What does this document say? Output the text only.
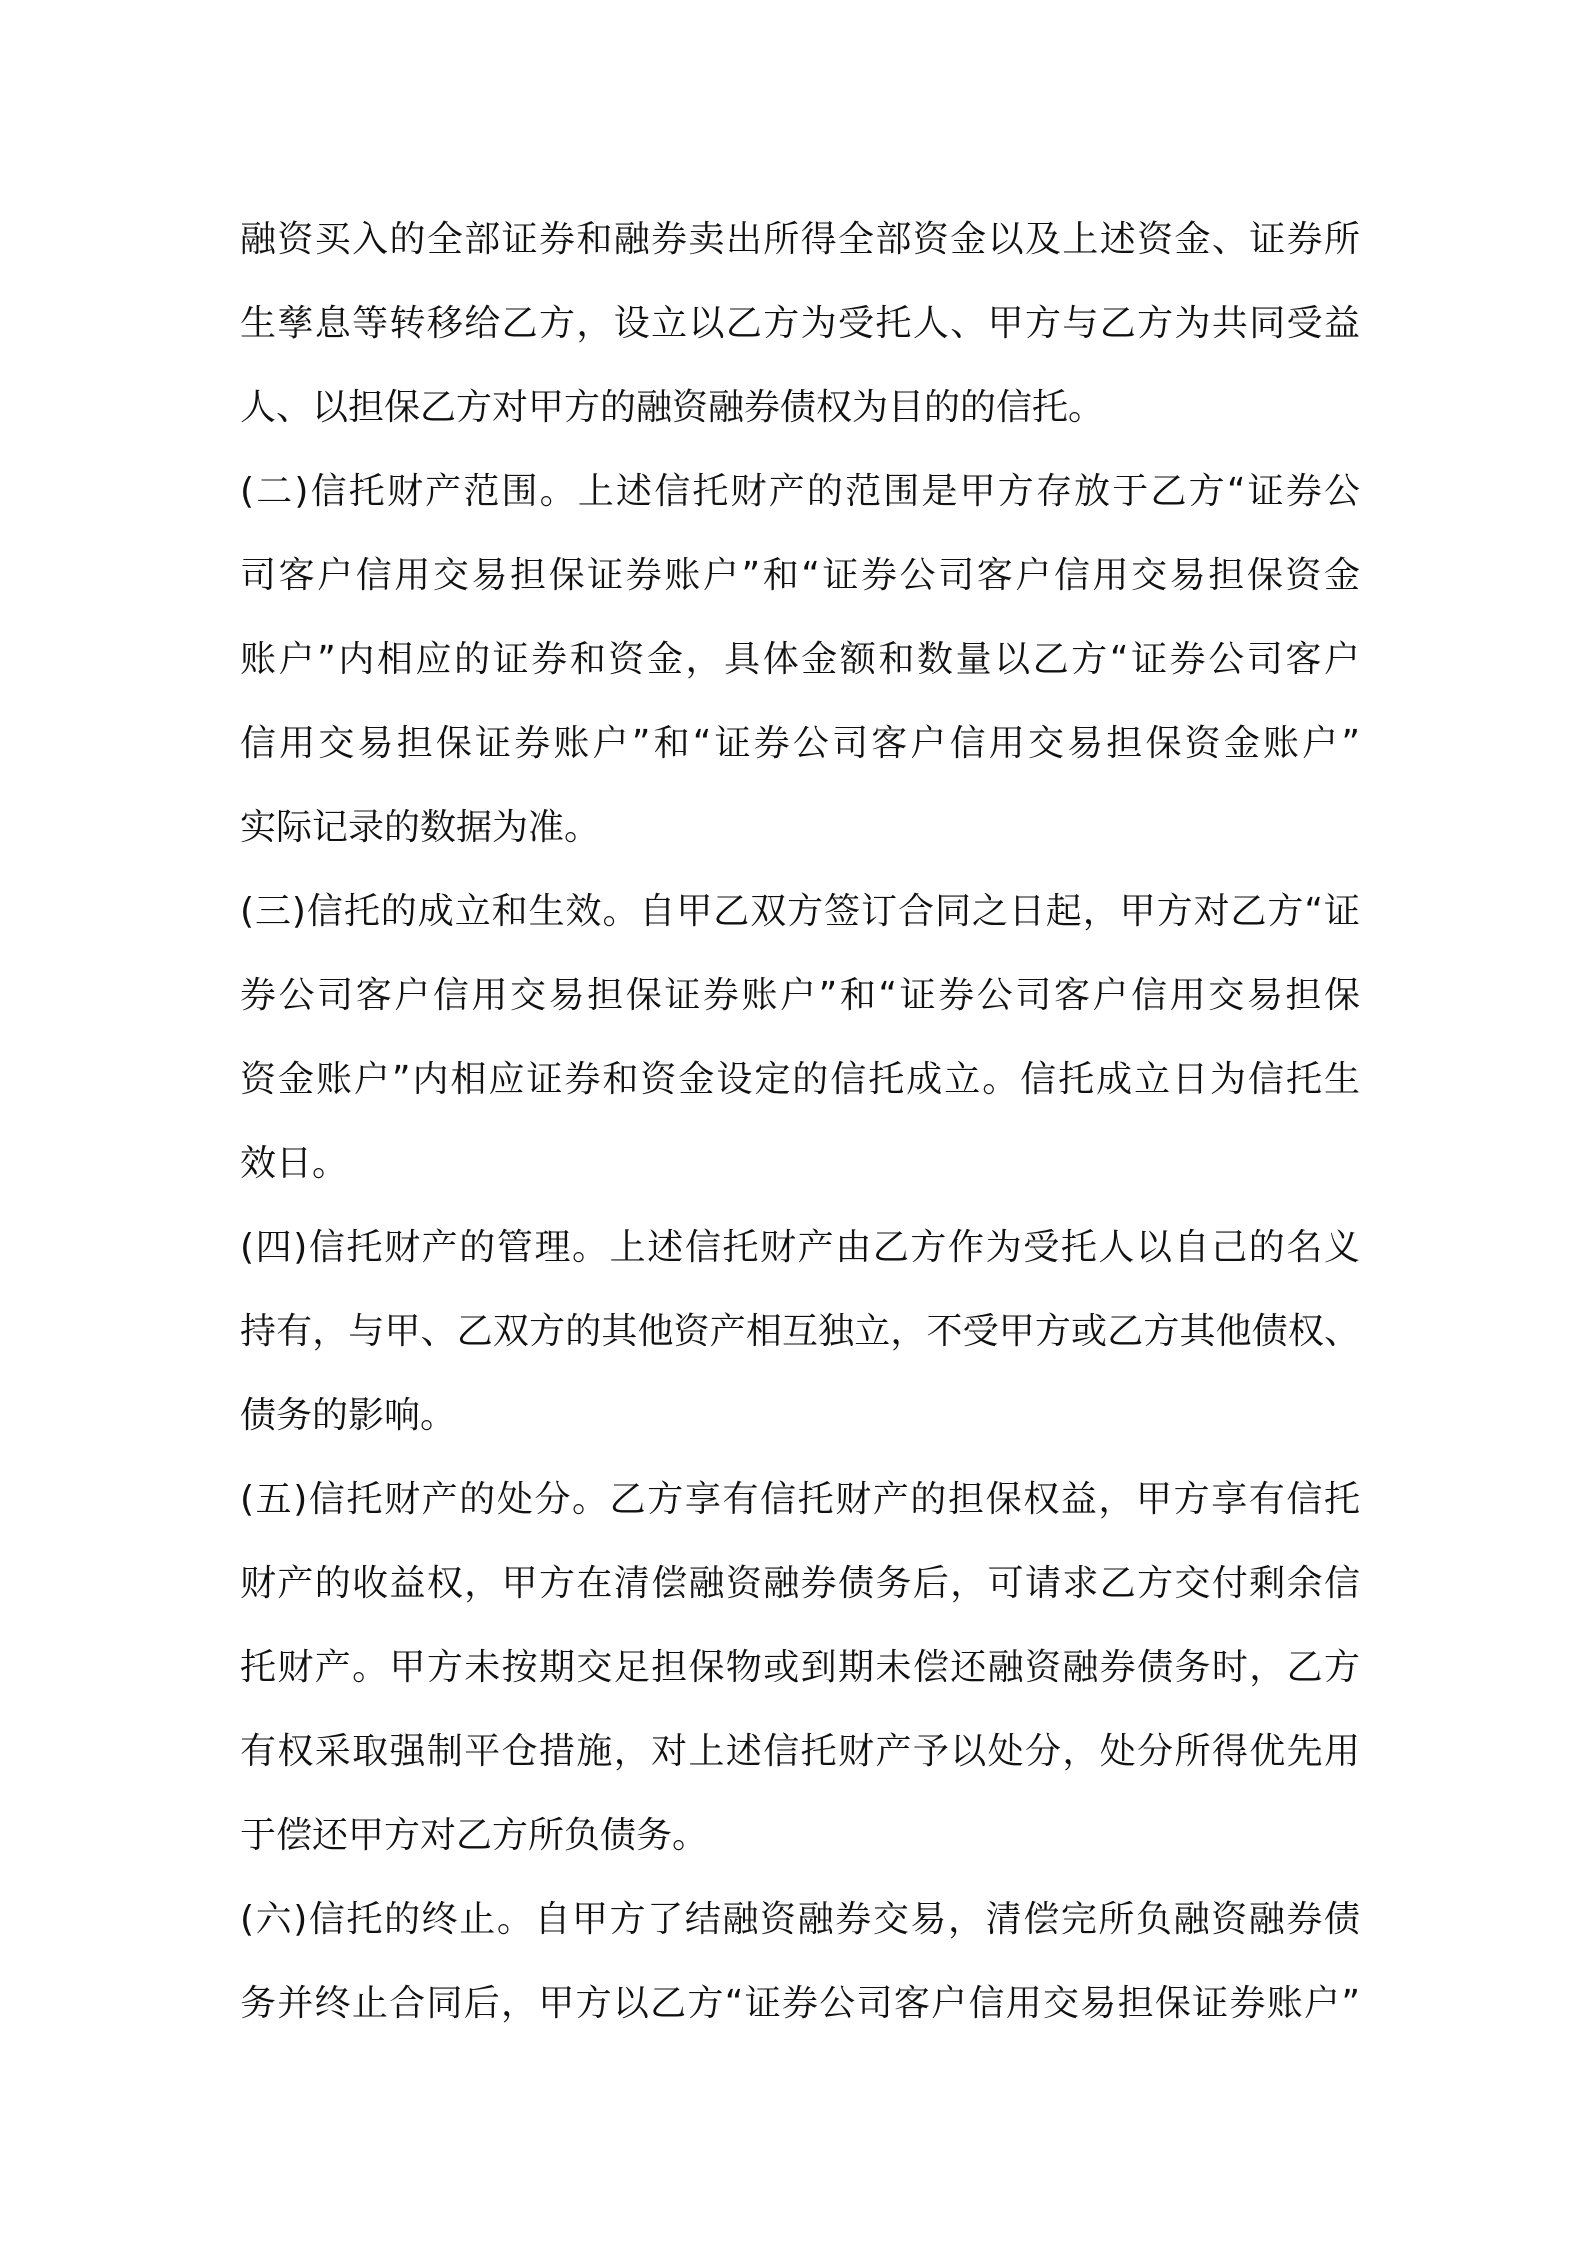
融资买入的全部证券和融券卖出所得全部资金以及上述资金、证券所
生孳息等转移给乙方，设立以乙方为受托人、甲方与乙方为共同受益
人、以担保乙方对甲方的融资融券债权为目的的信托。
(二)信托财产范围。上述信托财产的范围是甲方存放于乙方“证券公
司客户信用交易担保证券账户”和“证券公司客户信用交易担保资金
账户”内相应的证券和资金，具体金额和数量以乙方“证券公司客户
信用交易担保证券账户”和“证券公司客户信用交易担保资金账户”
实际记录的数据为准。
(三)信托的成立和生效。自甲乙双方签订合同之日起，甲方对乙方“证
券公司客户信用交易担保证券账户”和“证券公司客户信用交易担保
资金账户”内相应证券和资金设定的信托成立。信托成立日为信托生
效日。
(四)信托财产的管理。上述信托财产由乙方作为受托人以自己的名义
持有，与甲、乙双方的其他资产相互独立，不受甲方或乙方其他债权、
债务的影响。
(五)信托财产的处分。乙方享有信托财产的担保权益，甲方享有信托
财产的收益权，甲方在清偿融资融券债务后，可请求乙方交付剩余信
托财产。甲方未按期交足担保物或到期未偿还融资融券债务时，乙方
有权采取强制平仓措施，对上述信托财产予以处分，处分所得优先用
于偿还甲方对乙方所负债务。
(六)信托的终止。自甲方了结融资融券交易，清偿完所负融资融券债
务并终止合同后，甲方以乙方“证券公司客户信用交易担保证券账户”
